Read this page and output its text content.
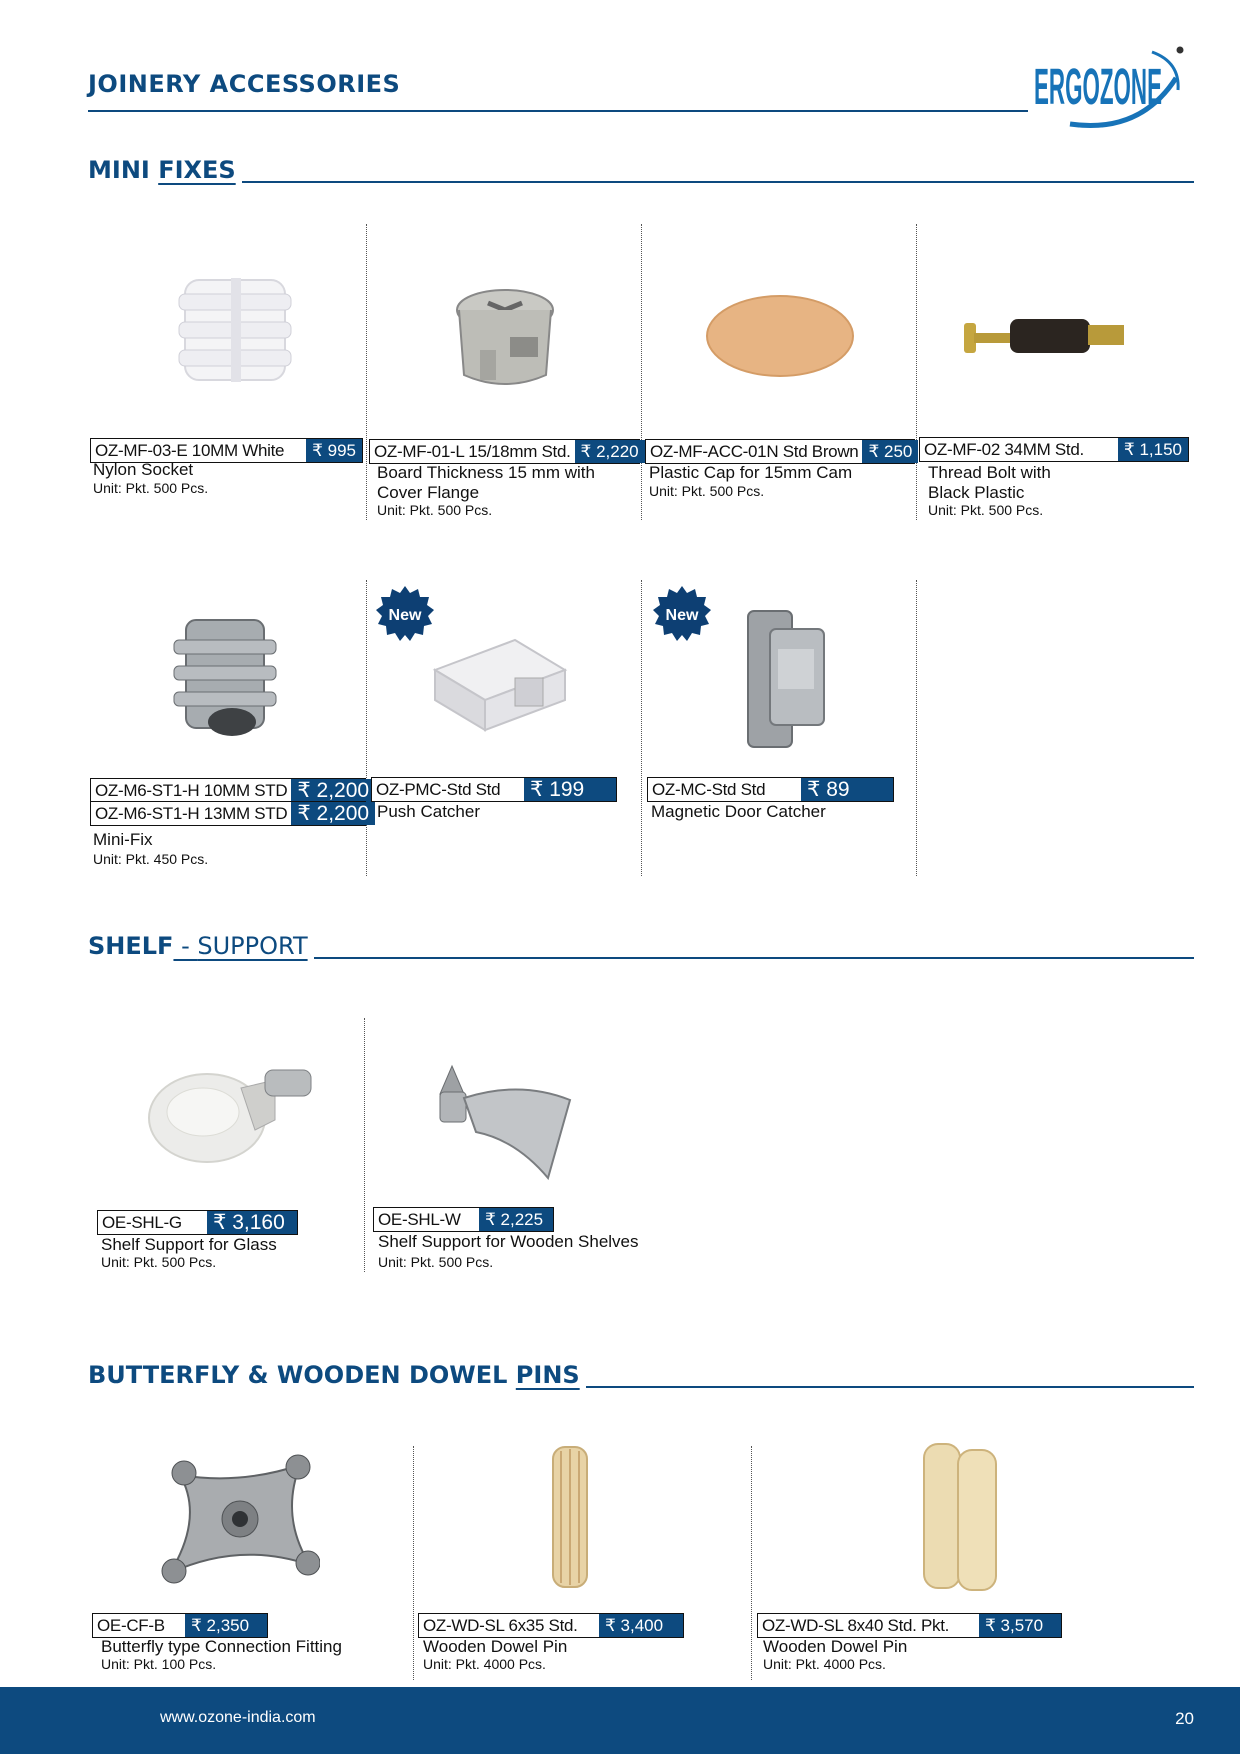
JOINERY ACCESSORIES	ERGOZONE
MINI FIXES
OZ-MF-03-E 10MM White	₹ 995
Nylon Socket
Unit: Pkt. 500 Pcs.
OZ-MF-01-L 15/18mm Std. ₹ 2,220
Board Thickness 15 mm with
Cover Flange
Unit: Pkt. 500 Pcs.
OZ-MF-ACC-01N Std Brown ₹ 250
Plastic Cap for 15mm Cam
Unit: Pkt. 500 Pcs.
OZ-MF-02 34MM Std.	₹ 1,150
Thread Bolt with
Black Plastic
Unit: Pkt. 500 Pcs.
OZ-M6-ST1-H 10MM STD ₹ 2,200
OZ-M6-ST1-H 13MM STD ₹ 2,200
Mini-Fix
Unit: Pkt. 450 Pcs.
New
OZ-PMC-Std Std	₹ 199
Push Catcher
New
OZ-MC-Std Std	₹ 89
Magnetic Door Catcher
SHELF - SUPPORT
OE-SHL-G	₹ 3,160
Shelf Support for Glass
Unit: Pkt. 500 Pcs.
OE-SHL-W	₹ 2,225
Shelf Support for Wooden Shelves
Unit: Pkt. 500 Pcs.
BUTTERFLY & WOODEN DOWEL PINS
OE-CF-B	₹ 2,350
Butterfly type Connection Fitting
Unit: Pkt. 100 Pcs.
OZ-WD-SL 6x35 Std.	₹ 3,400
Wooden Dowel Pin
Unit: Pkt. 4000 Pcs.
OZ-WD-SL 8x40 Std. Pkt.	₹ 3,570
Wooden Dowel Pin
Unit: Pkt. 4000 Pcs.
www.ozone-india.com	20
